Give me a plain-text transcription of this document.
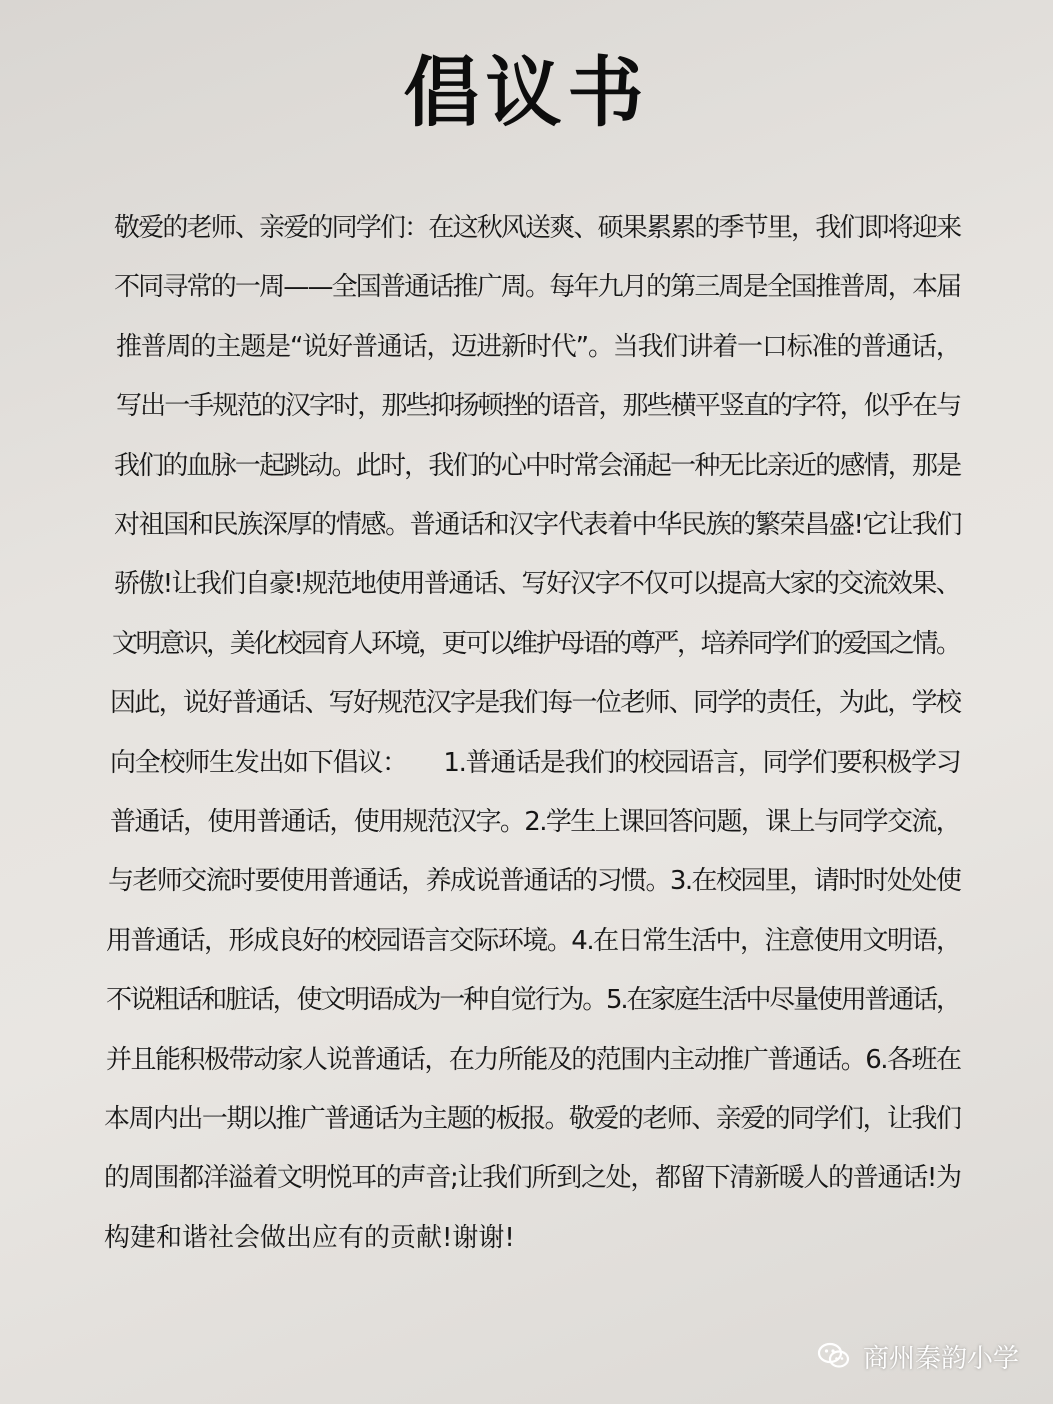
倡议书
敬爱的老师、亲爱的同学们：在这秋风送爽、硕果累累的季节里，我们即将迎来
不同寻常的一周——全国普通话推广周。每年九月的第三周是全国推普周，本届
推普周的主题是“说好普通话，迈进新时代”。当我们讲着一口标准的普通话，
写出一手规范的汉字时，那些抑扬顿挫的语音，那些横平竖直的字符，似乎在与
我们的血脉一起跳动。此时，我们的心中时常会涌起一种无比亲近的感情，那是
对祖国和民族深厚的情感。普通话和汉字代表着中华民族的繁荣昌盛!它让我们
骄傲!让我们自豪!规范地使用普通话、写好汉字不仅可以提高大家的交流效果、
文明意识，美化校园育人环境，更可以维护母语的尊严，培养同学们的爱国之情。
因此，说好普通话、写好规范汉字是我们每一位老师、同学的责任，为此，学校
向全校师生发出如下倡议：　　1.普通话是我们的校园语言，同学们要积极学习
普通话，使用普通话，使用规范汉字。2.学生上课回答问题，课上与同学交流，
与老师交流时要使用普通话，养成说普通话的习惯。3.在校园里，请时时处处使
用普通话，形成良好的校园语言交际环境。4.在日常生活中，注意使用文明语，
不说粗话和脏话，使文明语成为一种自觉行为。5.在家庭生活中尽量使用普通话，
并且能积极带动家人说普通话，在力所能及的范围内主动推广普通话。6.各班在
本周内出一期以推广普通话为主题的板报。敬爱的老师、亲爱的同学们，让我们
的周围都洋溢着文明悦耳的声音;让我们所到之处，都留下清新暖人的普通话!为
构建和谐社会做出应有的贡献!谢谢!
商州秦韵小学
